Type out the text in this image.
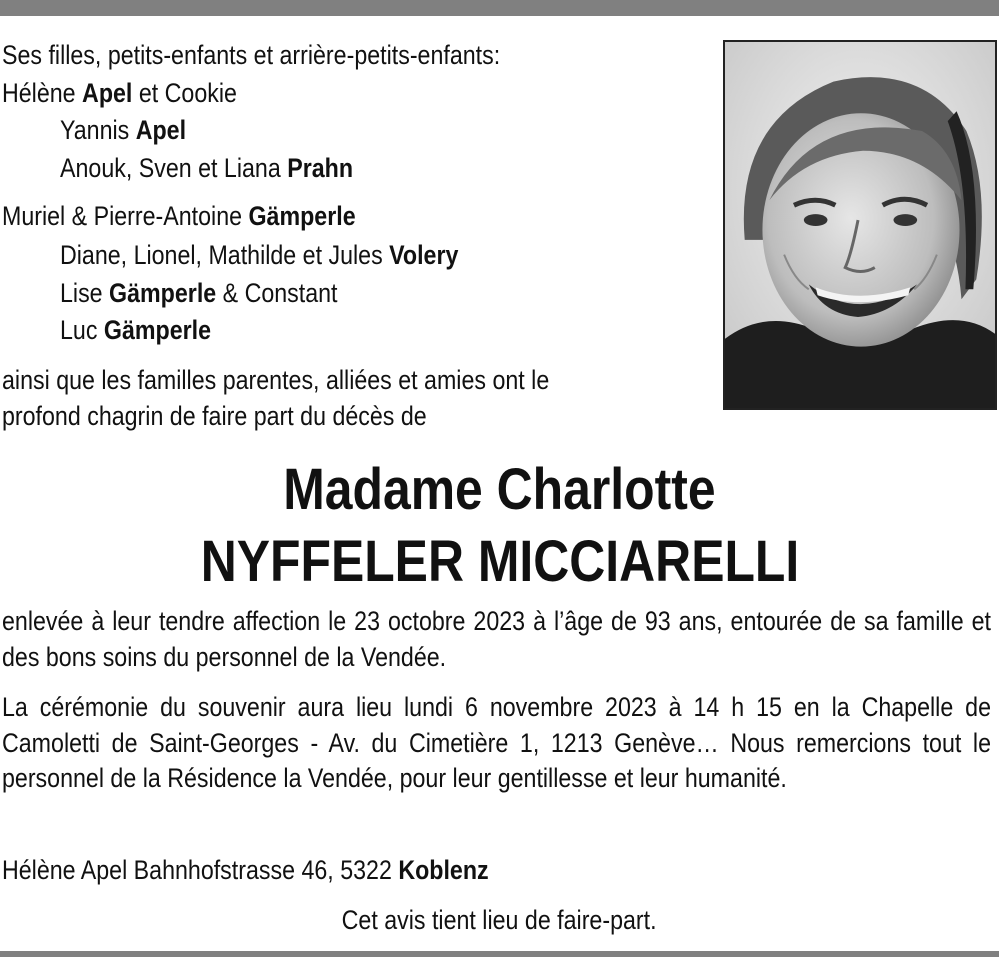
Ses filles, petits-enfants et arrière-petits-enfants:
Hélène Apel et Cookie
Yannis Apel
Anouk, Sven et Liana Prahn
Muriel & Pierre-Antoine Gämperle
Diane, Lionel, Mathilde et Jules Volery
Lise Gämperle & Constant
Luc Gämperle
ainsi que les familles parentes, alliées et amies ont le
profond chagrin de faire part du décès de
Madame Charlotte
NYFFELER MICCIARELLI
enlevée à leur tendre affection le 23 octobre 2023 à l’âge de 93 ans, entourée de sa famille et des bons soins du personnel de la Vendée.
La cérémonie du souvenir aura lieu lundi 6 novembre 2023 à 14 h 15 en la Chapelle de Camoletti de Saint-Georges - Av. du Cimetière 1, 1213 Genève… Nous remercions tout le personnel de la Résidence la Vendée, pour leur gentillesse et leur humanité.
Hélène Apel Bahnhofstrasse 46, 5322 Koblenz
Cet avis tient lieu de faire-part.
